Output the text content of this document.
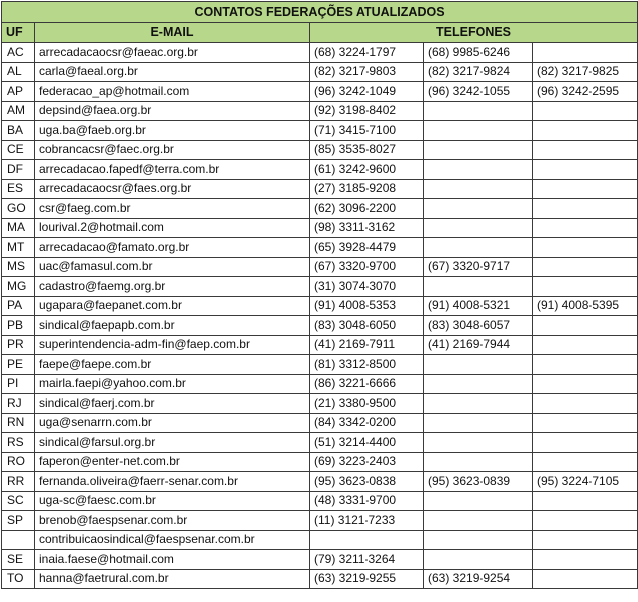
CONTATOS FEDERAÇÕES ATUALIZADOS				
UF	E-MAIL	TELEFONES		
AC	arrecadacaocsr@faeac.org.br	(68) 3224-1797	(68) 9985-6246	
AL	carla@faeal.org.br	(82) 3217-9803	(82) 3217-9824	(82) 3217-9825
AP	federacao_ap@hotmail.com	(96) 3242-1049	(96) 3242-1055	(96) 3242-2595
AM	depsind@faea.org.br	(92) 3198-8402		
BA	uga.ba@faeb.org.br	(71) 3415-7100		
CE	cobrancacsr@faec.org.br	(85) 3535-8027		
DF	arrecadacao.fapedf@terra.com.br	(61) 3242-9600		
ES	arrecadacaocsr@faes.org.br	(27) 3185-9208		
GO	csr@faeg.com.br	(62) 3096-2200		
MA	lourival.2@hotmail.com	(98) 3311-3162		
MT	arrecadacao@famato.org.br	(65) 3928-4479		
MS	uac@famasul.com.br	(67) 3320-9700	(67) 3320-9717	
MG	cadastro@faemg.org.br	(31) 3074-3070		
PA	ugapara@faepanet.com.br	(91) 4008-5353	(91) 4008-5321	(91) 4008-5395
PB	sindical@faepapb.com.br	(83) 3048-6050	(83) 3048-6057	
PR	superintendencia-adm-fin@faep.com.br	(41) 2169-7911	(41) 2169-7944	
PE	faepe@faepe.com.br	(81) 3312-8500		
PI	mairla.faepi@yahoo.com.br	(86) 3221-6666		
RJ	sindical@faerj.com.br	(21) 3380-9500		
RN	uga@senarrn.com.br	(84) 3342-0200		
RS	sindical@farsul.org.br	(51) 3214-4400		
RO	faperon@enter-net.com.br	(69) 3223-2403		
RR	fernanda.oliveira@faerr-senar.com.br	(95) 3623-0838	(95) 3623-0839	(95) 3224-7105
SC	uga-sc@faesc.com.br	(48) 3331-9700		
SP	brenob@faespsenar.com.br	(11) 3121-7233		
	contribuicaosindical@faespsenar.com.br			
SE	inaia.faese@hotmail.com	(79) 3211-3264		
TO	hanna@faetrural.com.br	(63) 3219-9255	(63) 3219-9254	
